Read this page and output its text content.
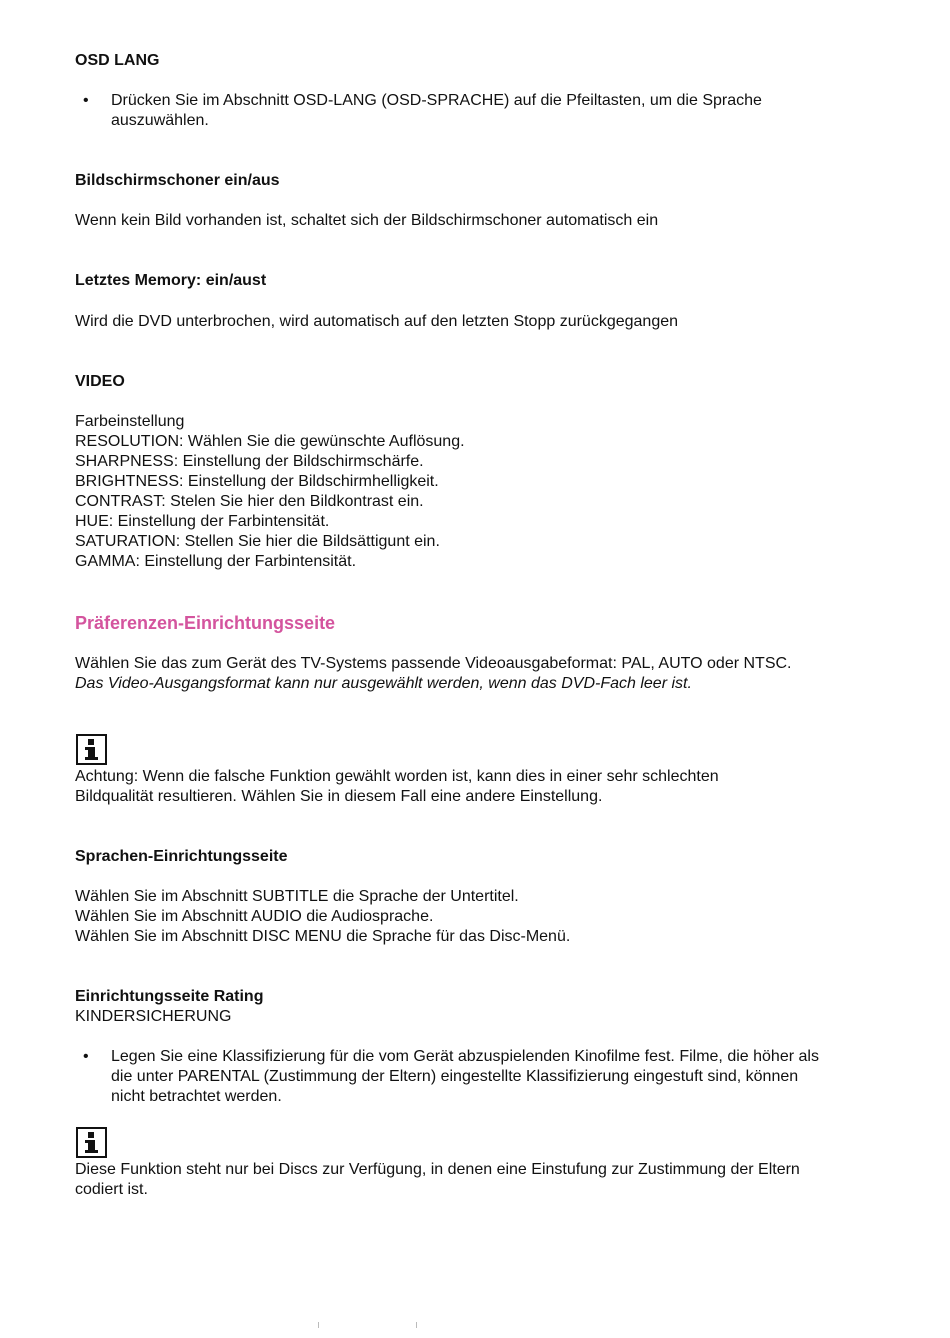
OSD LANG

•	Drücken Sie im Abschnitt OSD-LANG (OSD-SPRACHE) auf die Pfeiltasten, um die Sprache auszuwählen.

Bildschirmschoner ein/aus

Wenn kein Bild vorhanden ist, schaltet sich der Bildschirmschoner automatisch ein

Letztes Memory: ein/aust

Wird die DVD unterbrochen, wird automatisch auf den letzten Stopp zurückgegangen

VIDEO

Farbeinstellung
RESOLUTION: Wählen Sie die gewünschte Auflösung.
SHARPNESS: Einstellung der Bildschirmschärfe.
BRIGHTNESS: Einstellung der Bildschirmhelligkeit.
CONTRAST: Stelen Sie hier den Bildkontrast ein.
HUE: Einstellung der Farbintensität.
SATURATION: Stellen Sie hier die Bildsättigunt ein.
GAMMA: Einstellung der Farbintensität.

Präferenzen-Einrichtungsseite

Wählen Sie das zum Gerät des TV-Systems passende Videoausgabeformat: PAL, AUTO oder NTSC.

Das Video-Ausgangsformat kann nur ausgewählt werden, wenn das DVD-Fach leer ist.

Achtung: Wenn die falsche Funktion gewählt worden ist, kann dies in einer sehr schlechten Bildqualität resultieren. Wählen Sie in diesem Fall eine andere Einstellung.

Sprachen-Einrichtungsseite

Wählen Sie im Abschnitt SUBTITLE die Sprache der Untertitel.
Wählen Sie im Abschnitt AUDIO die Audiosprache.
Wählen Sie im Abschnitt DISC MENU die Sprache für das Disc-Menü.

Einrichtungsseite Rating

KINDERSICHERUNG

•	Legen Sie eine Klassifizierung für die vom Gerät abzuspielenden Kinofilme fest. Filme, die höher als die unter PARENTAL (Zustimmung der Eltern) eingestellte Klassifizierung eingestuft sind, können nicht betrachtet werden.

Diese Funktion steht nur bei Discs zur Verfügung, in denen eine Einstufung zur Zustimmung der Eltern codiert ist.
